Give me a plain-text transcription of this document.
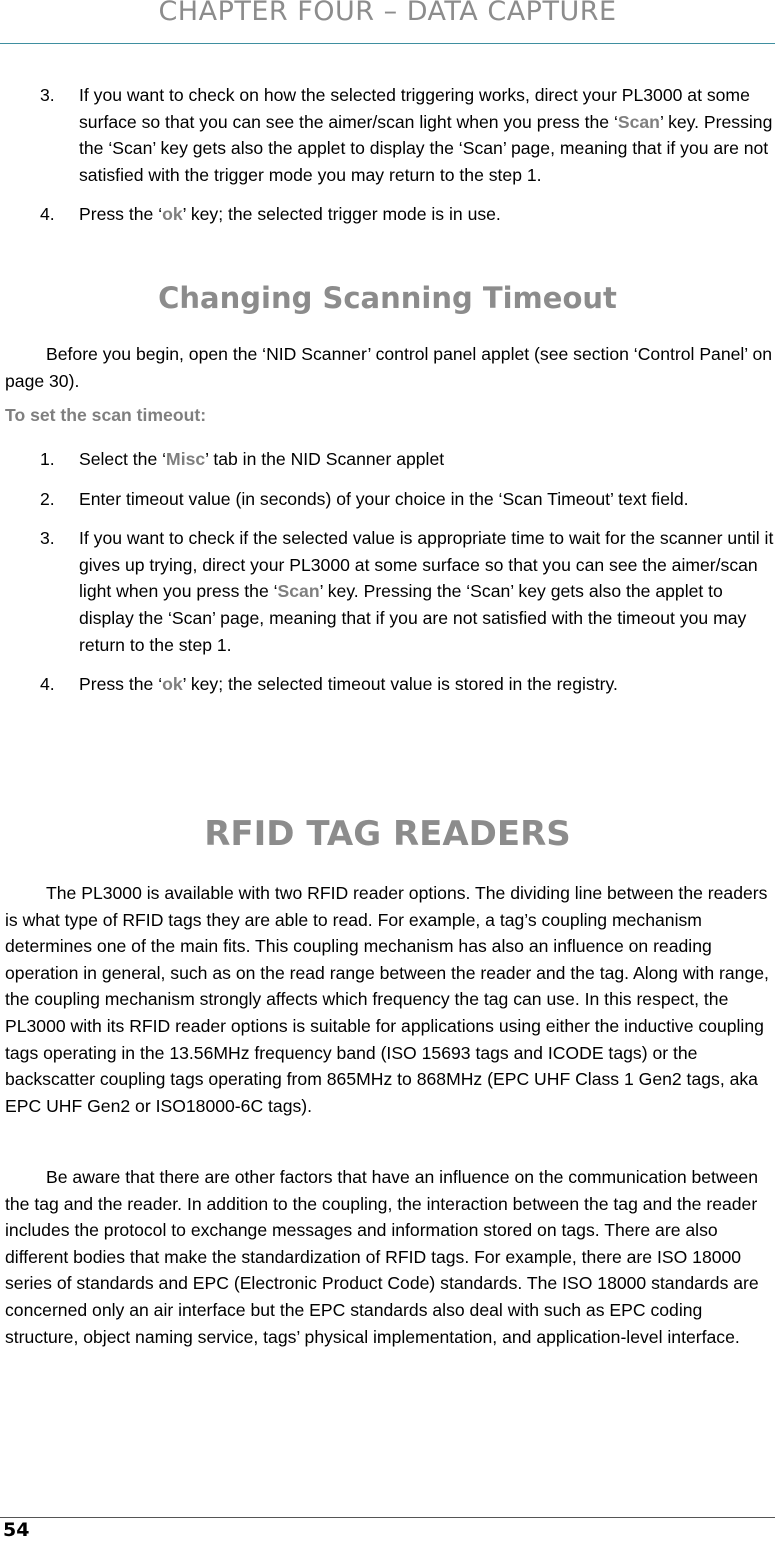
CHAPTER FOUR – DATA CAPTURE
3. If you want to check on how the selected triggering works, direct your PL3000 at some surface so that you can see the aimer/scan light when you press the ‘Scan’ key. Pressing the ‘Scan’ key gets also the applet to display the ‘Scan’ page, meaning that if you are not satisfied with the trigger mode you may return to the step 1.
4. Press the ‘ok’ key; the selected trigger mode is in use.
Changing Scanning Timeout
Before you begin, open the ‘NID Scanner’ control panel applet (see section ‘Control Panel’ on page 30).
To set the scan timeout:
1. Select the ‘Misc’ tab in the NID Scanner applet
2. Enter timeout value (in seconds) of your choice in the ‘Scan Timeout’ text field.
3. If you want to check if the selected value is appropriate time to wait for the scanner until it gives up trying, direct your PL3000 at some surface so that you can see the aimer/scan light when you press the ‘Scan’ key. Pressing the ‘Scan’ key gets also the applet to display the ‘Scan’ page, meaning that if you are not satisfied with the timeout you may return to the step 1.
4. Press the ‘ok’ key; the selected timeout value is stored in the registry.
RFID TAG READERS
The PL3000 is available with two RFID reader options. The dividing line between the readers is what type of RFID tags they are able to read. For example, a tag’s coupling mechanism determines one of the main fits. This coupling mechanism has also an influence on reading operation in general, such as on the read range between the reader and the tag. Along with range, the coupling mechanism strongly affects which frequency the tag can use. In this respect, the PL3000 with its RFID reader options is suitable for applications using either the inductive coupling tags operating in the 13.56MHz frequency band (ISO 15693 tags and ICODE tags) or the backscatter coupling tags operating from 865MHz to 868MHz (EPC UHF Class 1 Gen2 tags, aka EPC UHF Gen2 or ISO18000-6C tags).
Be aware that there are other factors that have an influence on the communication between the tag and the reader. In addition to the coupling, the interaction between the tag and the reader includes the protocol to exchange messages and information stored on tags. There are also different bodies that make the standardization of RFID tags. For example, there are ISO 18000 series of standards and EPC (Electronic Product Code) standards. The ISO 18000 standards are concerned only an air interface but the EPC standards also deal with such as EPC coding structure, object naming service, tags’ physical implementation, and application-level interface.
54
